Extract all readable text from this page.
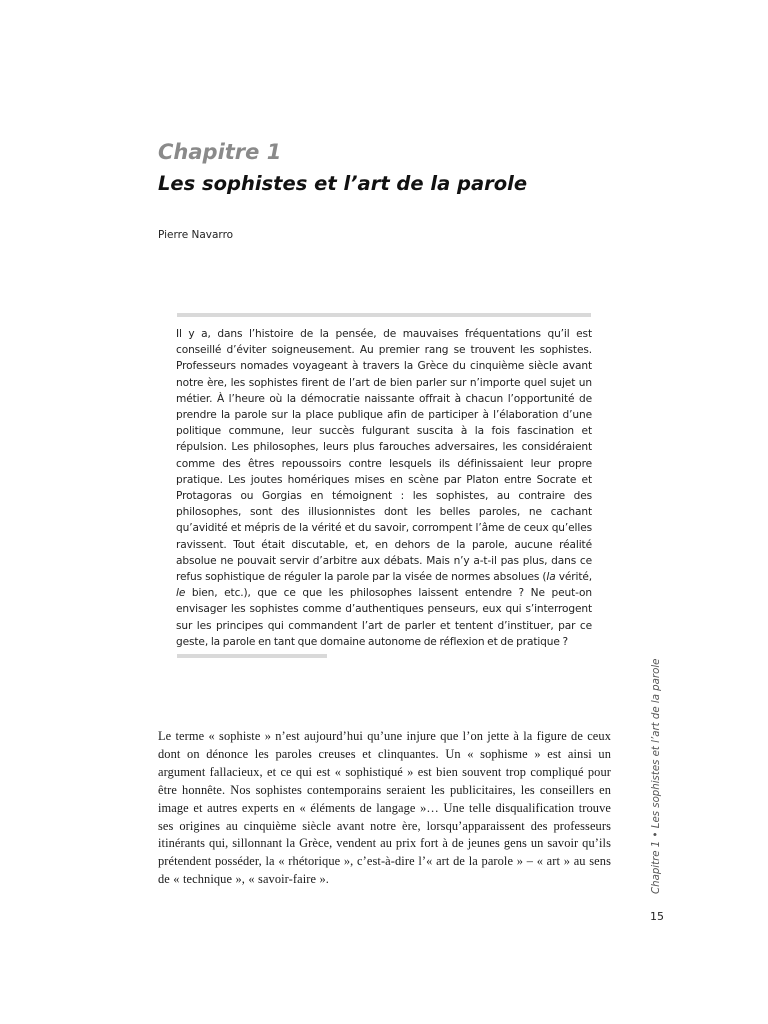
Chapitre 1
Les sophistes et l’art de la parole

Pierre Navarro

Il y a, dans l’histoire de la pensée, de mauvaises fréquentations qu’il est conseillé d’éviter soigneusement. Au premier rang se trouvent les sophistes. Professeurs nomades voyageant à travers la Grèce du cinquième siècle avant notre ère, les sophistes firent de l’art de bien parler sur n’importe quel sujet un métier. À l’heure où la démocratie naissante offrait à chacun l’opportunité de prendre la parole sur la place publique afin de participer à l’élaboration d’une politique commune, leur succès fulgurant suscita à la fois fascination et répulsion. Les philosophes, leurs plus farouches adversaires, les considéraient comme des êtres repoussoirs contre lesquels ils définissaient leur propre pratique. Les joutes homériques mises en scène par Platon entre Socrate et Protagoras ou Gorgias en témoignent : les sophistes, au contraire des philosophes, sont des illusionnistes dont les belles paroles, ne cachant qu’avidité et mépris de la vérité et du savoir, corrompent l’âme de ceux qu’elles ravissent. Tout était discutable, et, en dehors de la parole, aucune réalité absolue ne pouvait servir d’arbitre aux débats. Mais n’y a-t-il pas plus, dans ce refus sophistique de réguler la parole par la visée de normes absolues (la vérité, le bien, etc.), que ce que les philosophes laissent entendre ? Ne peut-on envisager les sophistes comme d’authentiques penseurs, eux qui s’interrogent sur les principes qui commandent l’art de parler et tentent d’instituer, par ce geste, la parole en tant que domaine autonome de réflexion et de pratique ?

Le terme « sophiste » n’est aujourd’hui qu’une injure que l’on jette à la figure de ceux dont on dénonce les paroles creuses et clinquantes. Un « sophisme » est ainsi un argument fallacieux, et ce qui est « sophistiqué » est bien souvent trop compliqué pour être honnête. Nos sophistes contemporains seraient les publicitaires, les conseillers en image et autres experts en « éléments de langage »… Une telle disqualification trouve ses origines au cinquième siècle avant notre ère, lorsqu’apparaissent des professeurs itinérants qui, sillonnant la Grèce, vendent au prix fort à de jeunes gens un savoir qu’ils prétendent posséder, la « rhétorique », c’est-à-dire l’« art de la parole » – « art » au sens de « technique », « savoir-faire ».	Chapitre 1 • Les sophistes et l’art de la parole
15
